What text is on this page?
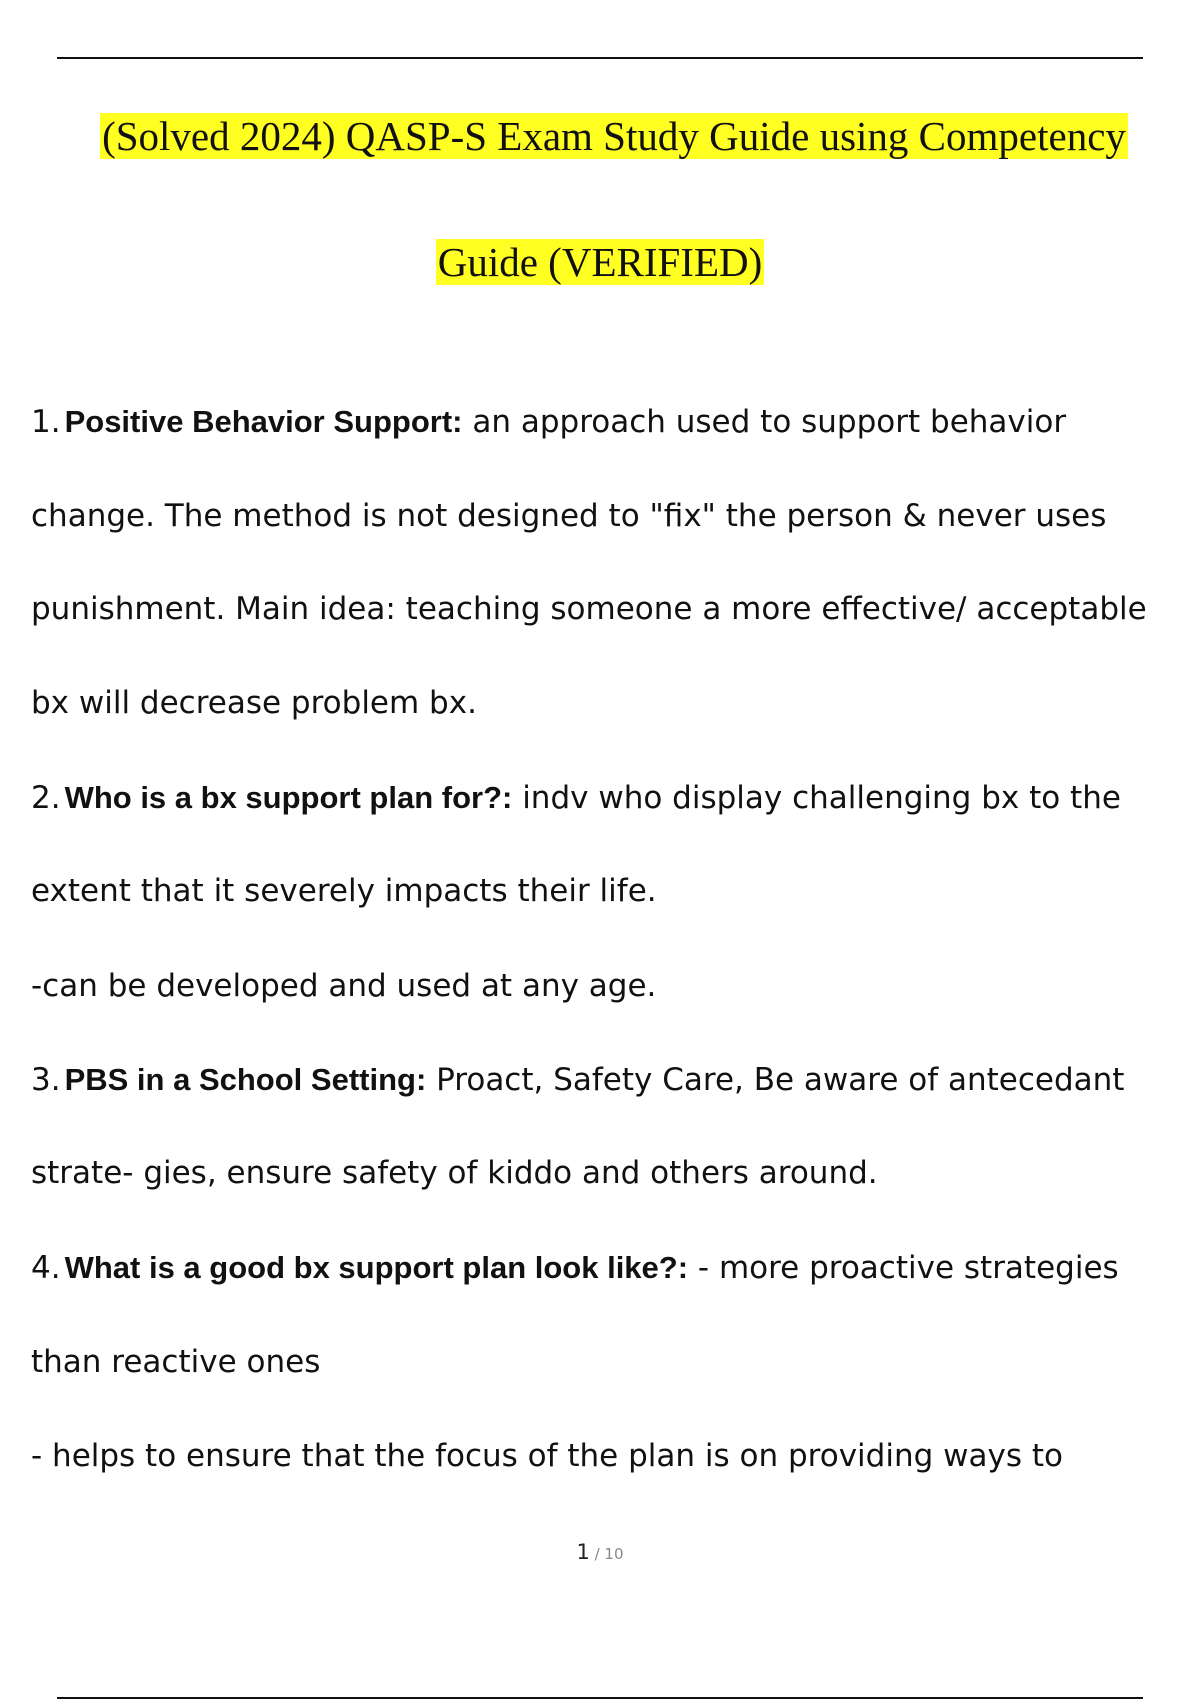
(Solved 2024) QASP-S Exam Study Guide using Competency
Guide (VERIFIED)
1. Positive Behavior Support: an approach used to support behavior
change. The method is not designed to "fix" the person & never uses
punishment. Main idea: teaching someone a more effective/ acceptable
bx will decrease problem bx.
2. Who is a bx support plan for?: indv who display challenging bx to the
extent that it severely impacts their life.
-can be developed and used at any age.
3. PBS in a School Setting: Proact, Safety Care, Be aware of antecedant
strate- gies, ensure safety of kiddo and others around.
4. What is a good bx support plan look like?: - more proactive strategies
than reactive ones
- helps to ensure that the focus of the plan is on providing ways to
1 / 10
